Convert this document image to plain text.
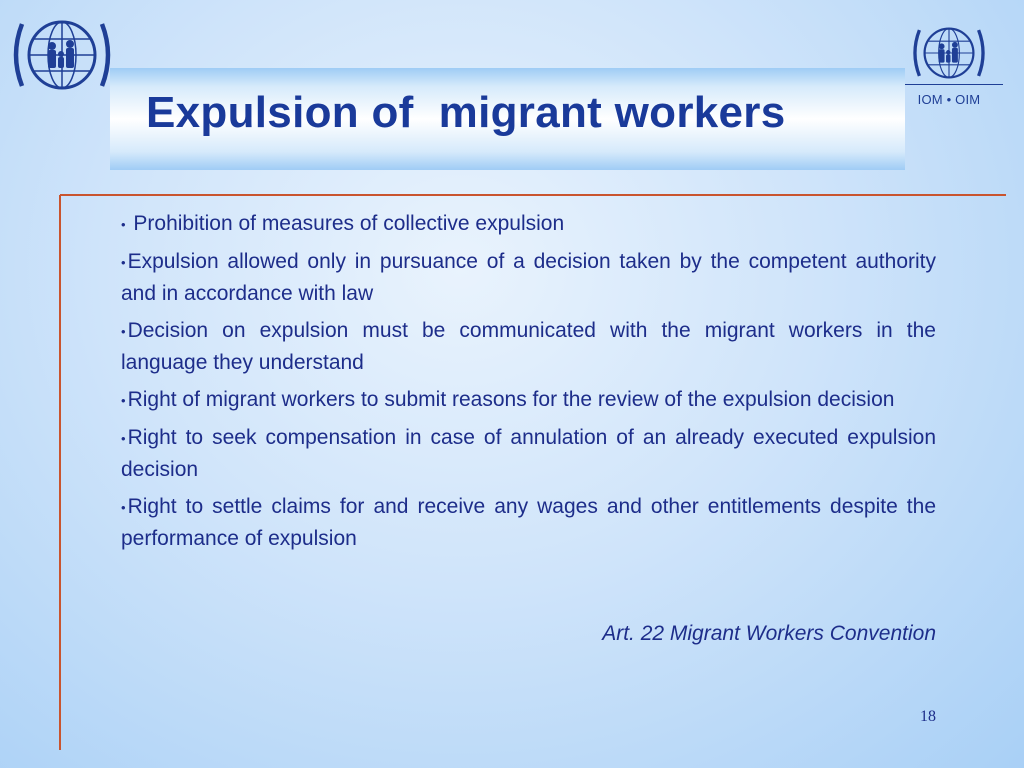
IOM • OIM
Expulsion of  migrant workers
• Prohibition of measures of collective expulsion
•Expulsion allowed only in pursuance of a decision taken by the competent authority and in accordance with law
•Decision on expulsion must be communicated with the migrant workers in the language they understand
•Right of migrant workers to submit reasons for the review of the expulsion decision
•Right to seek compensation in case of annulation of an already executed expulsion decision
•Right to settle claims for and receive any wages and other entitlements despite the performance of expulsion

Art. 22 Migrant Workers Convention

18
